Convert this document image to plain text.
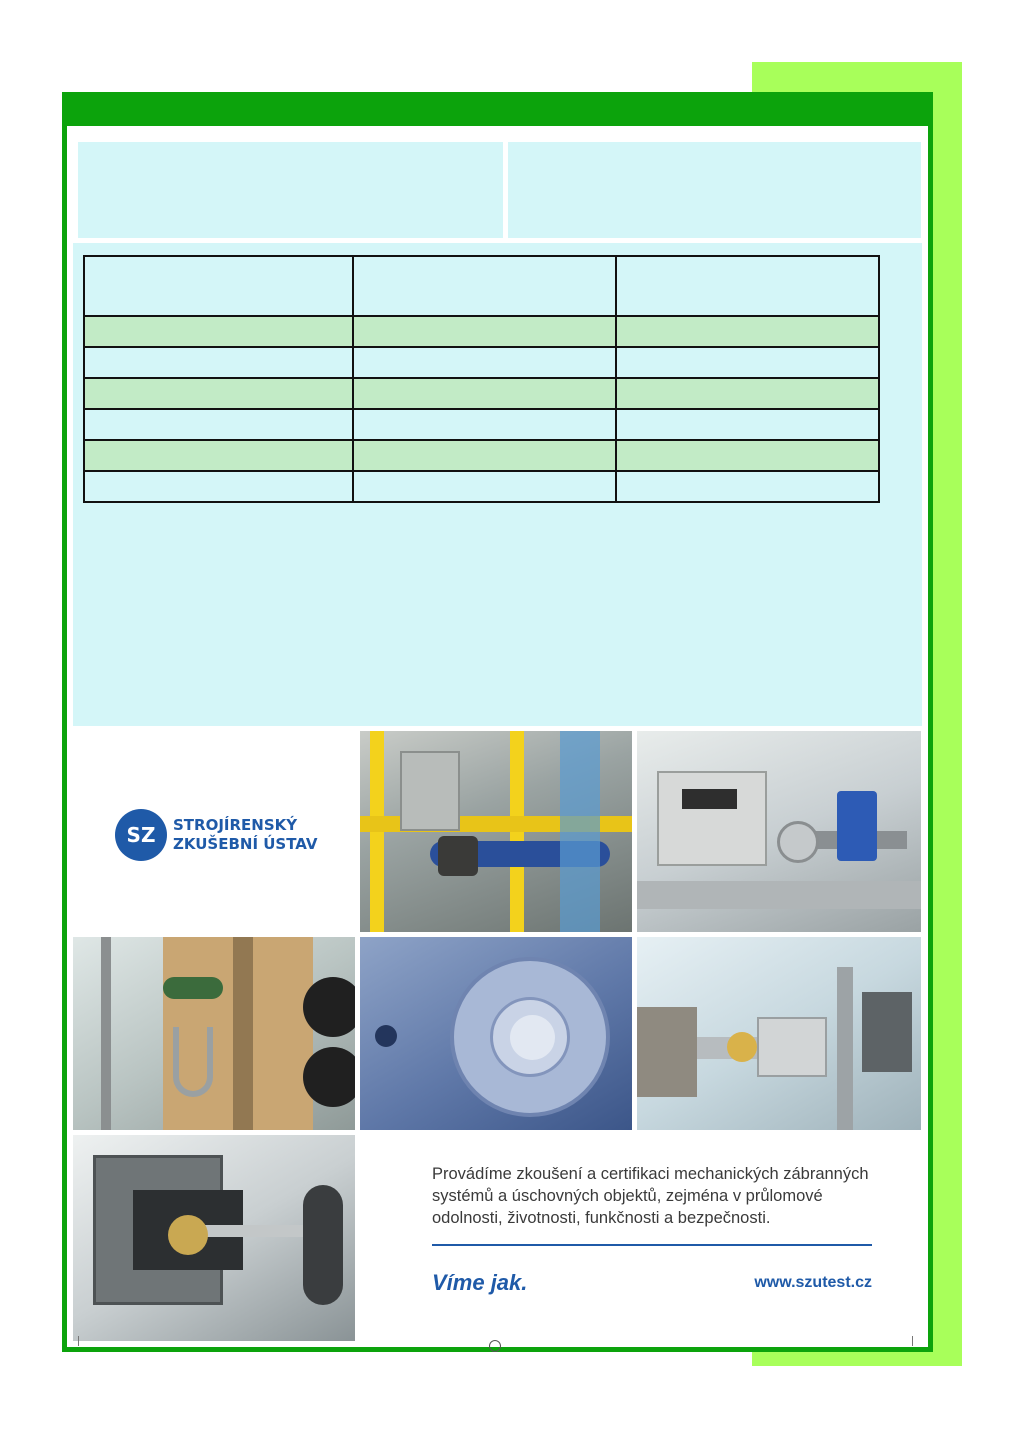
SZ	STROJÍRENSKÝ
ZKUŠEBNÍ ÚSTAV
Provádíme zkoušení a certifikaci mechanických zábranných systémů a úschovných objektů, zejména v průlomové odolnosti, životnosti, funkčnosti a bezpečnosti.
Víme jak.	www.szutest.cz
